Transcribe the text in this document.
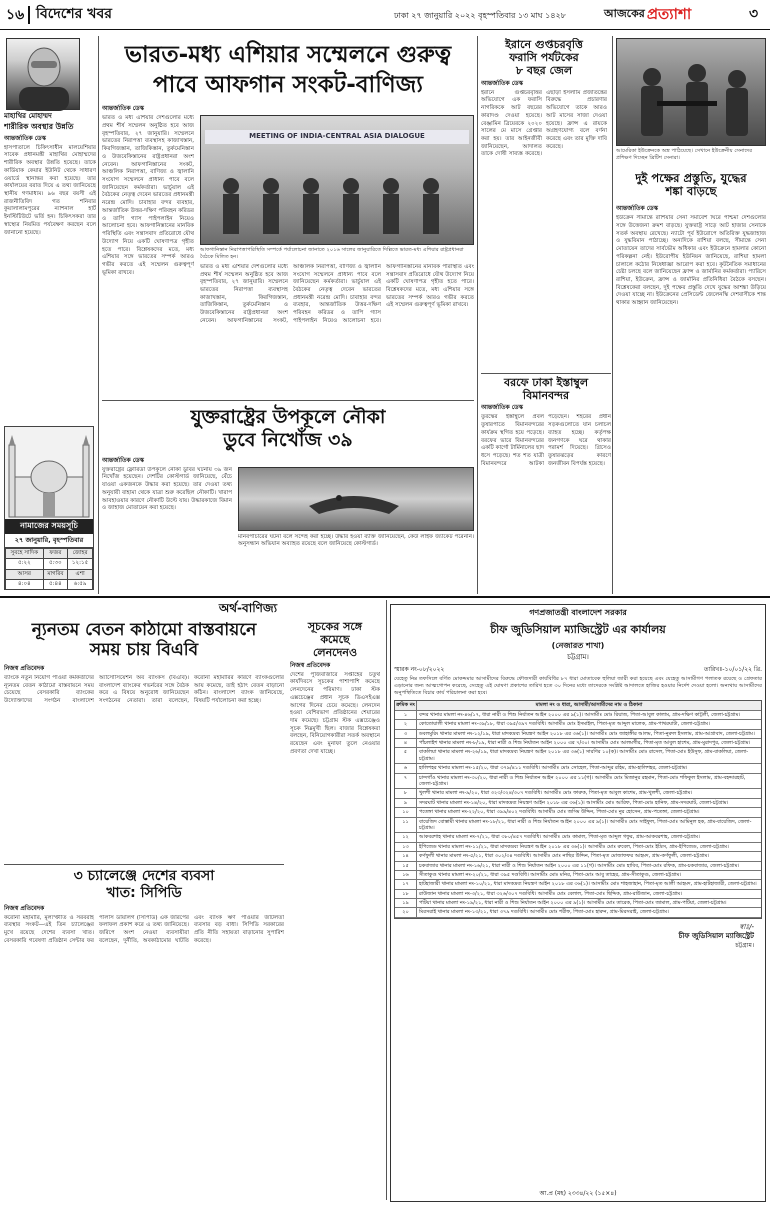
১৬ বিদেশের খবর	ঢাকা ২৭ জানুয়ারি ২০২২ বৃহস্পতিবার ১৩ মাঘ ১৪২৮	আজকের প্রত্যাশা	৩
মাহাথির মোহাম্মদ
শারীরিক অবস্থার উন্নতি
আন্তর্জাতিক ডেস্ক
হাসপাতালে চিকিৎসাধীন মালয়েশিয়ার সাবেক প্রধানমন্ত্রী মাহাথির মোহাম্মদের শারীরিক অবস্থার উন্নতি হয়েছে। তাকে কার্ডিয়াক কেয়ার ইউনিট থেকে সাধারণ ওয়ার্ডে স্থানান্তর করা হয়েছে। তার কার্যালয়ের বরাত দিয়ে এ তথ্য জানিয়েছে স্থানীয় গণমাধ্যম। ৯৬ বছর বয়সী এই রাজনীতিবিদ গত শনিবার কুয়ালালামপুরের ন্যাশনাল হার্ট ইনস্টিটিউটে ভর্তি হন। চিকিৎসকরা তার স্বাস্থ্যের নিয়মিত পর্যবেক্ষণ করছেন বলে জানানো হয়েছে।
নামাজের সময়সূচি
২৭ জানুয়ারি, বৃহস্পতিবার
সুবহে সাদিক	ফজর	জোহর
৫:২২	৫:৩০	১২:১৫
আসর	মাগরিব	এশা
৪:০৪	৫:৪৪	৬:৫৯
ভারত-মধ্য এশিয়ার সম্মেলনে গুরুত্ব
পাবে আফগান সংকট-বাণিজ্য
আন্তর্জাতিক ডেস্ক
ভারত ও মধ্য এশিয়ার দেশগুলোর মধ্যে প্রথম শীর্ষ সম্মেলন অনুষ্ঠিত হবে আজ বৃহস্পতিবার, ২৭ জানুয়ারি। সম্মেলনে ভারতের নিরাপত্তা ব্যবস্থাসহ কাজাখস্তান, কিরগিজস্তান, তাজিকিস্তান, তুর্কমেনিস্তান ও উজবেকিস্তানের রাষ্ট্রপ্রধানরা অংশ নেবেন। আফগানিস্তানের সংকট, আঞ্চলিক নিরাপত্তা, বাণিজ্য ও জ্বালানি সংযোগ সম্মেলনে প্রাধান্য পাবে বলে জানিয়েছেন কর্মকর্তারা। ভার্চুয়াল এই বৈঠকের নেতৃত্ব দেবেন ভারতের প্রধানমন্ত্রী নরেন্দ্র মোদি। চাবাহার বন্দর ব্যবহার, আন্তর্জাতিক উত্তর-দক্ষিণ পরিবহন করিডর ও তাপি গ্যাস পাইপলাইন নিয়েও আলোচনা হবে। আফগানিস্তানের মানবিক পরিস্থিতি এবং সন্ত্রাসবাদ প্রতিরোধে যৌথ উদ্যোগ নিয়ে একটি ঘোষণাপত্র গৃহীত হতে পারে। বিশ্লেষকদের মতে, মধ্য এশিয়ার সঙ্গে ভারতের সম্পর্ক আরও গভীর করতে এই সম্মেলন গুরুত্বপূর্ণ ভূমিকা রাখবে।
MEETING OF INDIA-CENTRAL ASIA DIALOGUE
আফগানিস্তান নিরাপত্তাপরিস্থিতি সম্পর্কে পর্যালোচনা জানাতে ২০১৬ সালের জানুয়ারিতে দিল্লিতে ভারত-মধ্য এশিয়ার রাষ্ট্রপ্রধানরা বৈঠকে মিলিত হন।
ভারত ও মধ্য এশিয়ার দেশগুলোর মধ্যে প্রথম শীর্ষ সম্মেলন অনুষ্ঠিত হবে আজ বৃহস্পতিবার, ২৭ জানুয়ারি। সম্মেলনে ভারতের নিরাপত্তা ব্যবস্থাসহ কাজাখস্তান, কিরগিজস্তান, তাজিকিস্তান, তুর্কমেনিস্তান ও উজবেকিস্তানের রাষ্ট্রপ্রধানরা অংশ নেবেন। আফগানিস্তানের সংকট, আঞ্চলিক নিরাপত্তা, বাণিজ্য ও জ্বালানি সংযোগ সম্মেলনে প্রাধান্য পাবে বলে জানিয়েছেন কর্মকর্তারা। ভার্চুয়াল এই বৈঠকের নেতৃত্ব দেবেন ভারতের প্রধানমন্ত্রী নরেন্দ্র মোদি। চাবাহার বন্দর ব্যবহার, আন্তর্জাতিক উত্তর-দক্ষিণ পরিবহন করিডর ও তাপি গ্যাস পাইপলাইন নিয়েও আলোচনা হবে। আফগানিস্তানের মানবিক পরিস্থিতি এবং সন্ত্রাসবাদ প্রতিরোধে যৌথ উদ্যোগ নিয়ে একটি ঘোষণাপত্র গৃহীত হতে পারে। বিশ্লেষকদের মতে, মধ্য এশিয়ার সঙ্গে ভারতের সম্পর্ক আরও গভীর করতে এই সম্মেলন গুরুত্বপূর্ণ ভূমিকা রাখবে।
যুক্তরাষ্ট্রের উপকূলে নৌকা
ডুবে নিখোঁজ ৩৯
আন্তর্জাতিক ডেস্ক
যুক্তরাষ্ট্রের ফ্লোরিডা উপকূলে নৌকা ডুবির ঘটনায় ৩৯ জন নিখোঁজ হয়েছেন। দেশটির কোস্টগার্ড জানিয়েছে, বেঁচে যাওয়া একজনকে উদ্ধার করা হয়েছে। তার দেওয়া তথ্য অনুযায়ী বাহামা থেকে যাত্রা শুরু করেছিল নৌকাটি। খারাপ আবহাওয়ার কারণে নৌকাটি উল্টে যায়। উদ্ধারকাজে বিমান ও জাহাজ মোতায়েন করা হয়েছে।
মানবপাচারের ঘটনা বলে সন্দেহ করা হচ্ছে। উদ্ধার হওয়া ব্যক্তি জানিয়েছেন, কেউ লাইফ জ্যাকেট পরেননি। অনুসন্ধান অভিযান অব্যাহত রয়েছে বলে জানিয়েছে কোস্টগার্ড।
ইরানে গুপ্তচরবৃত্তি
ফরাসি পর্যটকের
৮ বছর জেল
আন্তর্জাতিক ডেস্ক
ইরানে গুপ্তচরবৃত্তির অভিযোগে এক ফরাসি নাগরিককে আট বছরের কারাদণ্ড দেওয়া হয়েছে। বেঞ্জামিন ব্রিয়েরকে ২০২০ সালের মে মাসে গ্রেপ্তার করা হয়। তার আইনজীবী জানিয়েছেন, আদালত তাকে দোষী সাব্যস্ত করেছে। এছাড়া ইসলামি প্রজাতন্ত্রের বিরুদ্ধে প্রচারণার অভিযোগে তাকে আরও আট মাসের সাজা দেওয়া হয়েছে। ফ্রান্স এ রায়কে অগ্রহণযোগ্য বলে বর্ণনা করেছে এবং তার মুক্তি দাবি করেছে।
বরফে ঢাকা ইস্তাম্বুল
বিমানবন্দর
আন্তর্জাতিক ডেস্ক
তুরস্কের ইস্তাম্বুলে প্রবল তুষারপাতে বিমানবন্দরের কার্যক্রম স্থগিত হয়ে পড়েছে। বরফের ভারে বিমানবন্দরের একটি কার্গো টার্মিনালের ছাদ ধসে পড়েছে। শত শত যাত্রী বিমানবন্দরে আটকা পড়েছেন। শহরের প্রধান সড়কগুলোতে যান চলাচল ব্যাহত হচ্ছে। কর্তৃপক্ষ জনগণকে ঘরে থাকার পরামর্শ দিয়েছে। গ্রিসেও তুষারঝড়ের কারণে জনজীবন বিপর্যস্ত হয়েছে।
আমেরিকা ইউক্রেনকে অস্ত্র পাঠিয়েছে। সেখানে ইউক্রেনীয় সেনাদের প্রশিক্ষণ দিচ্ছেন ব্রিটিশ সেনারা।
দুই পক্ষের প্রস্তুতি, যুদ্ধের
শঙ্কা বাড়ছে
আন্তর্জাতিক ডেস্ক
ইউক্রেন সীমান্তে রাশিয়ার সেনা সমাবেশ ঘিরে পশ্চিমা দেশগুলোর সঙ্গে উত্তেজনা ক্রমশ বাড়ছে। যুক্তরাষ্ট্র সাড়ে আট হাজার সেনাকে সতর্ক অবস্থায় রেখেছে। ন্যাটো পূর্ব ইউরোপে অতিরিক্ত যুদ্ধজাহাজ ও যুদ্ধবিমান পাঠাচ্ছে। অন্যদিকে রাশিয়া বলছে, সীমান্তে সেনা মোতায়েন তাদের সার্বভৌম অধিকার এবং ইউক্রেনে হামলার কোনো পরিকল্পনা নেই। ইউরোপীয় ইউনিয়ন জানিয়েছে, রাশিয়া হামলা চালালে কঠোর নিষেধাজ্ঞা আরোপ করা হবে। কূটনৈতিক সমাধানের চেষ্টা চলছে বলে জানিয়েছেন ফ্রান্স ও জার্মানির কর্মকর্তারা। প্যারিসে রাশিয়া, ইউক্রেন, ফ্রান্স ও জার্মানির প্রতিনিধিরা বৈঠকে বসছেন। বিশ্লেষকেরা বলছেন, দুই পক্ষের প্রস্তুতি দেখে যুদ্ধের আশঙ্কা উড়িয়ে দেওয়া যাচ্ছে না। ইউক্রেনের প্রেসিডেন্ট জেলেনস্কি দেশবাসীকে শান্ত থাকার আহ্বান জানিয়েছেন।
অর্থ-বাণিজ্য
ন্যূনতম বেতন কাঠামো বাস্তবায়নে
সময় চায় বিএবি
নিজস্ব প্রতিবেদক
ব্যাংকে নতুন নিয়োগ পাওয়া কর্মকর্তাদের ন্যূনতম বেতন কাঠামো বাস্তবায়নে সময় চেয়েছে বেসরকারি ব্যাংকের উদ্যোক্তাদের সংগঠন বাংলাদেশ অ্যাসোসিয়েশন অব ব্যাংকস (বিএবি)। বাংলাদেশ ব্যাংকের গভর্নরের সঙ্গে বৈঠক করে এ বিষয়ে অনুরোধ জানিয়েছেন সংগঠনের নেতারা। তারা বলেছেন, করোনা মহামারির কারণে ব্যাংকগুলোর আয় কমেছে, তাই হঠাৎ বেতন বাড়ানো কঠিন। বাংলাদেশ ব্যাংক জানিয়েছে, বিষয়টি পর্যালোচনা করা হচ্ছে।
সূচকের সঙ্গে
কমেছে
লেনদেনও
নিজস্ব প্রতিবেদক
দেশের পুঁজিবাজারে সপ্তাহের চতুর্থ কার্যদিবসে সূচকের পাশাপাশি কমেছে লেনদেনের পরিমাণ। ঢাকা স্টক এক্সচেঞ্জের প্রধান সূচক ডিএসইএক্স আগের দিনের চেয়ে কমেছে। লেনদেন হওয়া বেশিরভাগ প্রতিষ্ঠানের শেয়ারের দাম কমেছে। চট্টগ্রাম স্টক এক্সচেঞ্জেও সূচক নিম্নমুখী ছিল। বাজার বিশ্লেষকরা বলছেন, বিনিয়োগকারীরা সতর্ক অবস্থানে রয়েছেন এবং মুনাফা তুলে নেওয়ার প্রবণতা দেখা যাচ্ছে।
৩ চ্যালেঞ্জে দেশের ব্যবসা
খাত: সিপিডি
নিজস্ব প্রতিবেদক
করোনা মহামারি, মূল্যস্ফীতি ও সরবরাহ ব্যবস্থার সংকট—এই তিন চ্যালেঞ্জের মুখে রয়েছে দেশের ব্যবসা খাত। বেসরকারি গবেষণা প্রতিষ্ঠান সেন্টার ফর পলিসি ডায়ালগ (সিপিডি) এক জরিপের ফলাফল প্রকাশ করে এ তথ্য জানিয়েছে। জরিপে অংশ নেওয়া ব্যবসায়ীরা বলেছেন, দুর্নীতি, অবকাঠামোর ঘাটতি এবং ব্যাংক ঋণ পাওয়ার জটিলতা ব্যবসার বড় বাধা। সিপিডি সরকারের প্রতি নীতি সহায়তা বাড়ানোর সুপারিশ করেছে।
গণপ্রজাতন্ত্রী বাংলাদেশ সরকার
চীফ জুডিসিয়াল ম্যাজিস্ট্রেট এর কার্যালয়
(নেজারত শাখা)
চট্টগ্রাম।
স্মারক নং-০৮/২০২২	তারিখঃ-১০/০১/২২ খ্রি.
যেহেতু নিম্ন তফসিলে বর্ণিত মোকদ্দমার আসামীদের বিরুদ্ধে ফৌজদারী কার্যবিধির ৮৭ ধারা মোতাবেক হুলিয়া জারী করা হয়েছে এবং যেহেতু আসামীগণ পলাতক রয়েছে ও গ্রেফতার এড়ানোর জন্য আত্মগোপন করেছে, সেহেতু এই ঘোষণা প্রকাশের তারিখ হতে ৩০ দিনের মধ্যে তাদেরকে সংশ্লিষ্ট আদালতে হাজির হওয়ার নির্দেশ দেওয়া হলো। অন্যথায় আসামীদের অনুপস্থিতিতে বিচার কার্য পরিচালনা করা হবে।
ক্রমিক নং	মামলা নং ও ধারা, আসামী/আসামীদের নাম ও ঠিকানা
১	বন্দর থানার মামলা নং-৪৬/১৭, ধারা নারী ও শিশু নির্যাতন আইন ২০০০ এর ৯(১)। আসামীঃ মোঃ রিয়াজ, পিতা-আবুল কালাম, গ্রাম-দক্ষিণ কাট্টলী, জেলা-চট্টগ্রাম।
২	কোতোয়ালী থানার মামলা নং-৩৯/১৮, ধারা ৩৯৫/৩৯৭ দণ্ডবিধি। আসামীঃ মোঃ ইসমাইল, পিতা-মৃত আব্দুল মালেক, গ্রাম-পাথরঘাটা, জেলা-চট্টগ্রাম।
৩	ডবলমুরিং থানার মামলা নং-১২/১৯, ধারা মাদকদ্রব্য নিয়ন্ত্রণ আইন ২০১৮ এর ৩৬(১)। আসামীঃ মোঃ জাহাঙ্গীর আলম, পিতা-নুরুল ইসলাম, গ্রাম-আগ্রাবাদ, জেলা-চট্টগ্রাম।
৪	পাঁচলাইশ থানার মামলা নং-৮/১৯, ধারা নারী ও শিশু নির্যাতন আইন ২০০০ এর ৭/৩০। আসামীঃ মোঃ আলমগীর, পিতা-মৃত আবুল হাশেম, গ্রাম-মুরাদপুর, জেলা-চট্টগ্রাম।
৫	বাকলিয়া থানার মামলা নং-২৬/১৯, ধারা মাদকদ্রব্য নিয়ন্ত্রণ আইন ২০১৮ এর ৩৬(১) সারণির ১০(ক)। আসামীঃ মোঃ রাসেল, পিতা-মোঃ ইউসুফ, গ্রাম-বাকলিয়া, জেলা-চট্টগ্রাম।
৬	হালিশহর থানার মামলা নং-১৫/২০, ধারা ৩৭৯/৪১১ দণ্ডবিধি। আসামীঃ মোঃ সোহেল, পিতা-আব্দুর রহিম, গ্রাম-হালিশহর, জেলা-চট্টগ্রাম।
৭	চান্দগাঁও থানার মামলা নং-৩০/২০, ধারা নারী ও শিশু নির্যাতন আইন ২০০০ এর ১১(গ)। আসামীঃ মোঃ মিজানুর রহমান, পিতা-মোঃ শফিকুল ইসলাম, গ্রাম-বহদ্দারহাট, জেলা-চট্টগ্রাম।
৮	খুলশী থানার মামলা নং-৯/২০, ধারা ৩২৩/৩২৪/৩০৭ দণ্ডবিধি। আসামীঃ মোঃ ফারুক, পিতা-মৃত আবুল কাশেম, গ্রাম-খুলশী, জেলা-চট্টগ্রাম।
৯	সদরঘাট থানার মামলা নং-১৪/২০, ধারা মাদকদ্রব্য নিয়ন্ত্রণ আইন ২০১৮ এর ৩৬(১)। আসামীঃ মোঃ আরিফ, পিতা-মোঃ হানিফ, গ্রাম-সদরঘাট, জেলা-চট্টগ্রাম।
১০	পতেঙ্গা থানার মামলা নং-২২/২০, ধারা ৩৯৯/৪০২ দণ্ডবিধি। আসামীঃ মোঃ জসিম উদ্দিন, পিতা-মোঃ নুর হোসেন, গ্রাম-পতেঙ্গা, জেলা-চট্টগ্রাম।
১১	বায়েজিদ বোস্তামী থানার মামলা নং-১৮/২১, ধারা নারী ও শিশু নির্যাতন আইন ২০০০ এর ৯(১)। আসামীঃ মোঃ সাইফুল, পিতা-মোঃ আমিনুল হক, গ্রাম-বায়েজিদ, জেলা-চট্টগ্রাম।
১২	আকবরশাহ থানার মামলা নং-৭/২১, ধারা ৩৮০/৪৫৭ দণ্ডবিধি। আসামীঃ মোঃ কামাল, পিতা-মৃত আব্দুল গফুর, গ্রাম-আকবরশাহ, জেলা-চট্টগ্রাম।
১৩	ইপিজেড থানার মামলা নং-১১/২১, ধারা মাদকদ্রব্য নিয়ন্ত্রণ আইন ২০১৮ এর ৩৬(১)। আসামীঃ মোঃ রুবেল, পিতা-মোঃ ইদ্রিস, গ্রাম-ইপিজেড, জেলা-চট্টগ্রাম।
১৪	কর্ণফুলী থানার মামলা নং-৫/২১, ধারা ৩০২/৩৪ দণ্ডবিধি। আসামীঃ মোঃ নাছির উদ্দিন, পিতা-মৃত মোজাফফর আহমদ, গ্রাম-কর্ণফুলী, জেলা-চট্টগ্রাম।
১৫	চকবাজার থানার মামলা নং-১৬/২১, ধারা নারী ও শিশু নির্যাতন আইন ২০০০ এর ১১(গ)। আসামীঃ মোঃ হাবিব, পিতা-মোঃ রফিক, গ্রাম-চকবাজার, জেলা-চট্টগ্রাম।
১৬	সীতাকুণ্ড থানার মামলা নং-২০/২১, ধারা ৩৯৫ দণ্ডবিধি। আসামীঃ মোঃ মনির, পিতা-মোঃ আবু তাহের, গ্রাম-সীতাকুণ্ড, জেলা-চট্টগ্রাম।
১৭	হাটহাজারী থানার মামলা নং-১০/২১, ধারা মাদকদ্রব্য নিয়ন্ত্রণ আইন ২০১৮ এর ৩৬(১)। আসামীঃ মোঃ শাহজাহান, পিতা-মৃত আলী আহমদ, গ্রাম-হাটহাজারী, জেলা-চট্টগ্রাম।
১৮	রাউজান থানার মামলা নং-৩/২১, ধারা ৩২৬/৩০৭ দণ্ডবিধি। আসামীঃ মোঃ বেলাল, পিতা-মোঃ ছিদ্দিক, গ্রাম-রাউজান, জেলা-চট্টগ্রাম।
১৯	পটিয়া থানার মামলা নং-১৯/২১, ধারা নারী ও শিশু নির্যাতন আইন ২০০০ এর ৯(১)। আসামীঃ মোঃ তারেক, পিতা-মোঃ জামাল, গ্রাম-পটিয়া, জেলা-চট্টগ্রাম।
২০	মিরসরাই থানার মামলা নং-১৩/২১, ধারা ৩৭৯ দণ্ডবিধি। আসামীঃ মোঃ শরীফ, পিতা-মোঃ হারুন, গ্রাম-মিরসরাই, জেলা-চট্টগ্রাম।
স্বাঃ/-
চীফ জুডিসিয়াল ম্যাজিস্ট্রেট
চট্টগ্রাম।
আ.প্র (মহ) ২৩৩৪/২২ (১৫×৪)
